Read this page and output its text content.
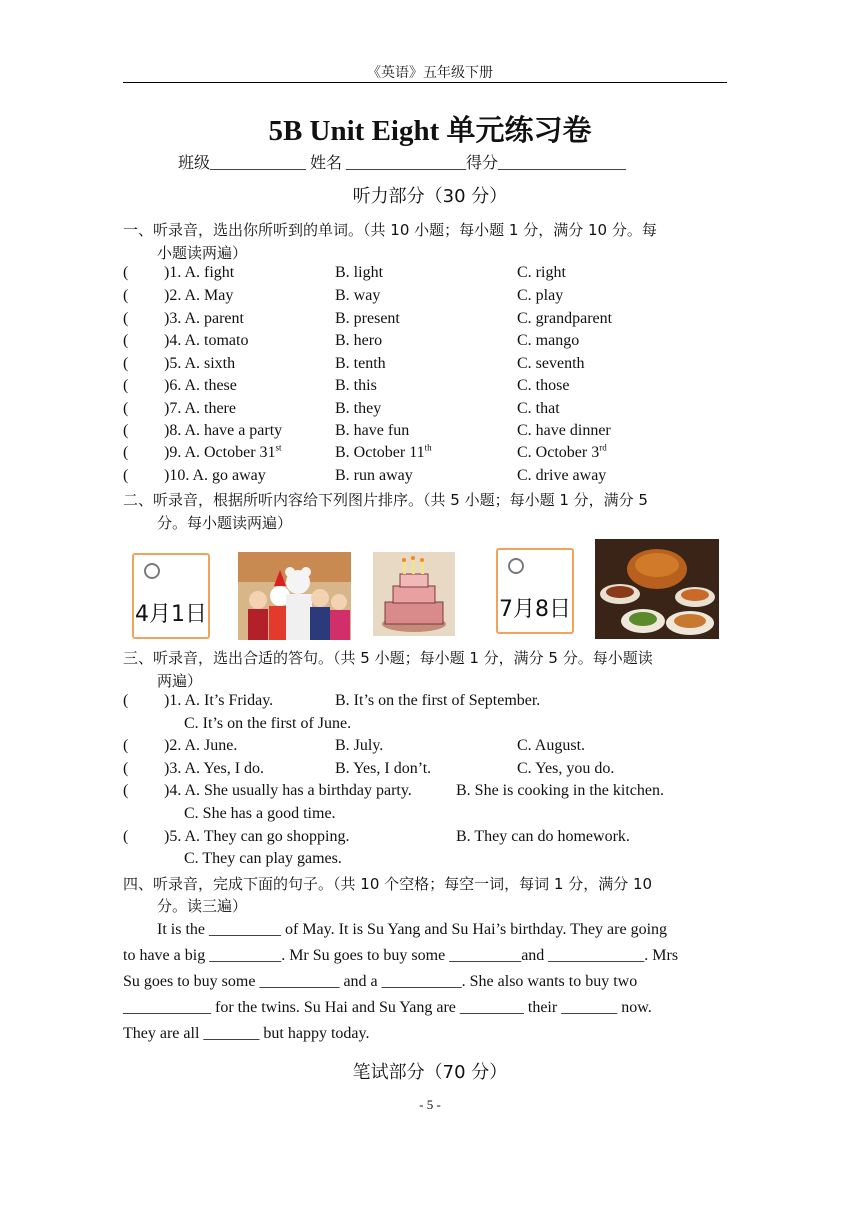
《英语》五年级下册
5B Unit Eight 单元练习卷
班级____________ 姓名 _______________得分________________
听力部分（30 分）
一、听录音，选出你所听到的单词。（共 10 小题；每小题 1 分，满分 10 分。每
小题读两遍）
( )1. A. fight	B. light	C. right
( )2. A. May	B. way	C. play
( )3. A. parent	B. present	C. grandparent
( )4. A. tomato	B. hero	C. mango
( )5. A. sixth	B. tenth	C. seventh
( )6. A. these	B. this	C. those
( )7. A. there	B. they	C. that
( )8. A. have a party	B. have fun	C. have dinner
( )9. A. October 31st	B. October 11th	C. October 3rd
( )10. A. go away	B. run away	C. drive away
二、听录音，根据所听内容给下列图片排序。（共 5 小题；每小题 1 分，满分 5
分。每小题读两遍）
4月1日	7月8日
三、听录音，选出合适的答句。（共 5 小题；每小题 1 分，满分 5 分。每小题读
两遍）
( )1. A. It’s Friday.	B. It’s on the first of September.
C. It’s on the first of June.
( )2. A. June.	B. July.	C. August.
( )3. A. Yes, I do.	B. Yes, I don’t.	C. Yes, you do.
( )4. A. She usually has a birthday party.	B. She is cooking in the kitchen.
C. She has a good time.
( )5. A. They can go shopping.	B. They can do homework.
C. They can play games.
四、听录音，完成下面的句子。（共 10 个空格；每空一词，每词 1 分，满分 10
分。读三遍）
It is the _________ of May. It is Su Yang and Su Hai’s birthday. They are going
to have a big _________. Mr Su goes to buy some _________and ____________. Mrs
Su goes to buy some __________ and a __________. She also wants to buy two
___________ for the twins. Su Hai and Su Yang are ________ their _______ now.
They are all _______ but happy today.
笔试部分（70 分）
- 5 -
